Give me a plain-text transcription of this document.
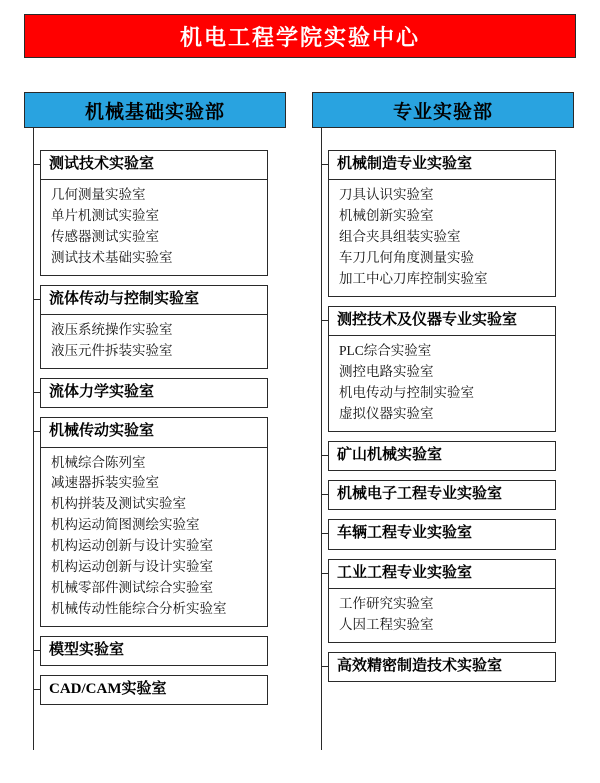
机电工程学院实验中心
机械基础实验部	专业实验部
测试技术实验室
几何测量实验室
单片机测试实验室
传感器测试实验室
测试技术基础实验室
流体传动与控制实验室
液压系统操作实验室
液压元件拆装实验室
流体力学实验室
机械传动实验室
机械综合陈列室
减速器拆装实验室
机构拼装及测试实验室
机构运动简图测绘实验室
机构运动创新与设计实验室
机构运动创新与设计实验室
机械零部件测试综合实验室
机械传动性能综合分析实验室
模型实验室
CAD/CAM实验室
机械制造专业实验室
刀具认识实验室
机械创新实验室
组合夹具组装实验室
车刀几何角度测量实验
加工中心刀库控制实验室
测控技术及仪器专业实验室
PLC综合实验室
测控电路实验室
机电传动与控制实验室
虚拟仪器实验室
矿山机械实验室
机械电子工程专业实验室
车辆工程专业实验室
工业工程专业实验室
工作研究实验室
人因工程实验室
高效精密制造技术实验室
